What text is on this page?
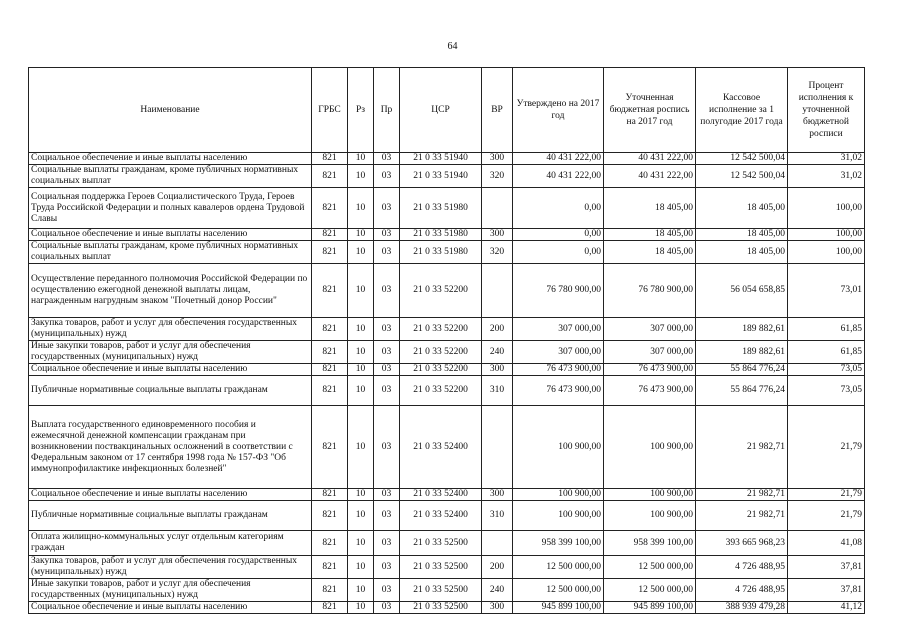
64
Наименование	ГРБС	Рз	Пр	ЦСР	ВР	Утверждено на 2017 год	Уточненная бюджетная роспись на 2017 год	Кассовое исполнение за 1 полугодие 2017 года	Процент исполнения к уточненной бюджетной росписи
Социальное обеспечение и иные выплаты населению	821	10	03	21 0 33 51940	300	40 431 222,00	40 431 222,00	12 542 500,04	31,02
Социальные выплаты гражданам, кроме публичных нормативных социальных выплат	821	10	03	21 0 33 51940	320	40 431 222,00	40 431 222,00	12 542 500,04	31,02
Социальная поддержка Героев Социалистического Труда, Героев Труда Российской Федерации и полных кавалеров ордена Трудовой Славы	821	10	03	21 0 33 51980		0,00	18 405,00	18 405,00	100,00
Социальное обеспечение и иные выплаты населению	821	10	03	21 0 33 51980	300	0,00	18 405,00	18 405,00	100,00
Социальные выплаты гражданам, кроме публичных нормативных социальных выплат	821	10	03	21 0 33 51980	320	0,00	18 405,00	18 405,00	100,00
Осуществление переданного полномочия Российской Федерации по осуществлению ежегодной денежной выплаты лицам, награжденным нагрудным знаком "Почетный донор России"	821	10	03	21 0 33 52200		76 780 900,00	76 780 900,00	56 054 658,85	73,01
Закупка товаров, работ и услуг для обеспечения государственных (муниципальных) нужд	821	10	03	21 0 33 52200	200	307 000,00	307 000,00	189 882,61	61,85
Иные закупки товаров, работ и услуг для обеспечения государственных (муниципальных) нужд	821	10	03	21 0 33 52200	240	307 000,00	307 000,00	189 882,61	61,85
Социальное обеспечение и иные выплаты населению	821	10	03	21 0 33 52200	300	76 473 900,00	76 473 900,00	55 864 776,24	73,05
Публичные нормативные социальные выплаты гражданам	821	10	03	21 0 33 52200	310	76 473 900,00	76 473 900,00	55 864 776,24	73,05
Выплата государственного единовременного пособия и ежемесячной денежной компенсации гражданам при возникновении поствакцинальных осложнений в соответствии с Федеральным законом от 17 сентября 1998 года № 157-ФЗ "Об иммунопрофилактике инфекционных болезней"	821	10	03	21 0 33 52400		100 900,00	100 900,00	21 982,71	21,79
Социальное обеспечение и иные выплаты населению	821	10	03	21 0 33 52400	300	100 900,00	100 900,00	21 982,71	21,79
Публичные нормативные социальные выплаты гражданам	821	10	03	21 0 33 52400	310	100 900,00	100 900,00	21 982,71	21,79
Оплата жилищно-коммунальных услуг отдельным категориям граждан	821	10	03	21 0 33 52500		958 399 100,00	958 399 100,00	393 665 968,23	41,08
Закупка товаров, работ и услуг для обеспечения государственных (муниципальных) нужд	821	10	03	21 0 33 52500	200	12 500 000,00	12 500 000,00	4 726 488,95	37,81
Иные закупки товаров, работ и услуг для обеспечения государственных (муниципальных) нужд	821	10	03	21 0 33 52500	240	12 500 000,00	12 500 000,00	4 726 488,95	37,81
Социальное обеспечение и иные выплаты населению	821	10	03	21 0 33 52500	300	945 899 100,00	945 899 100,00	388 939 479,28	41,12
